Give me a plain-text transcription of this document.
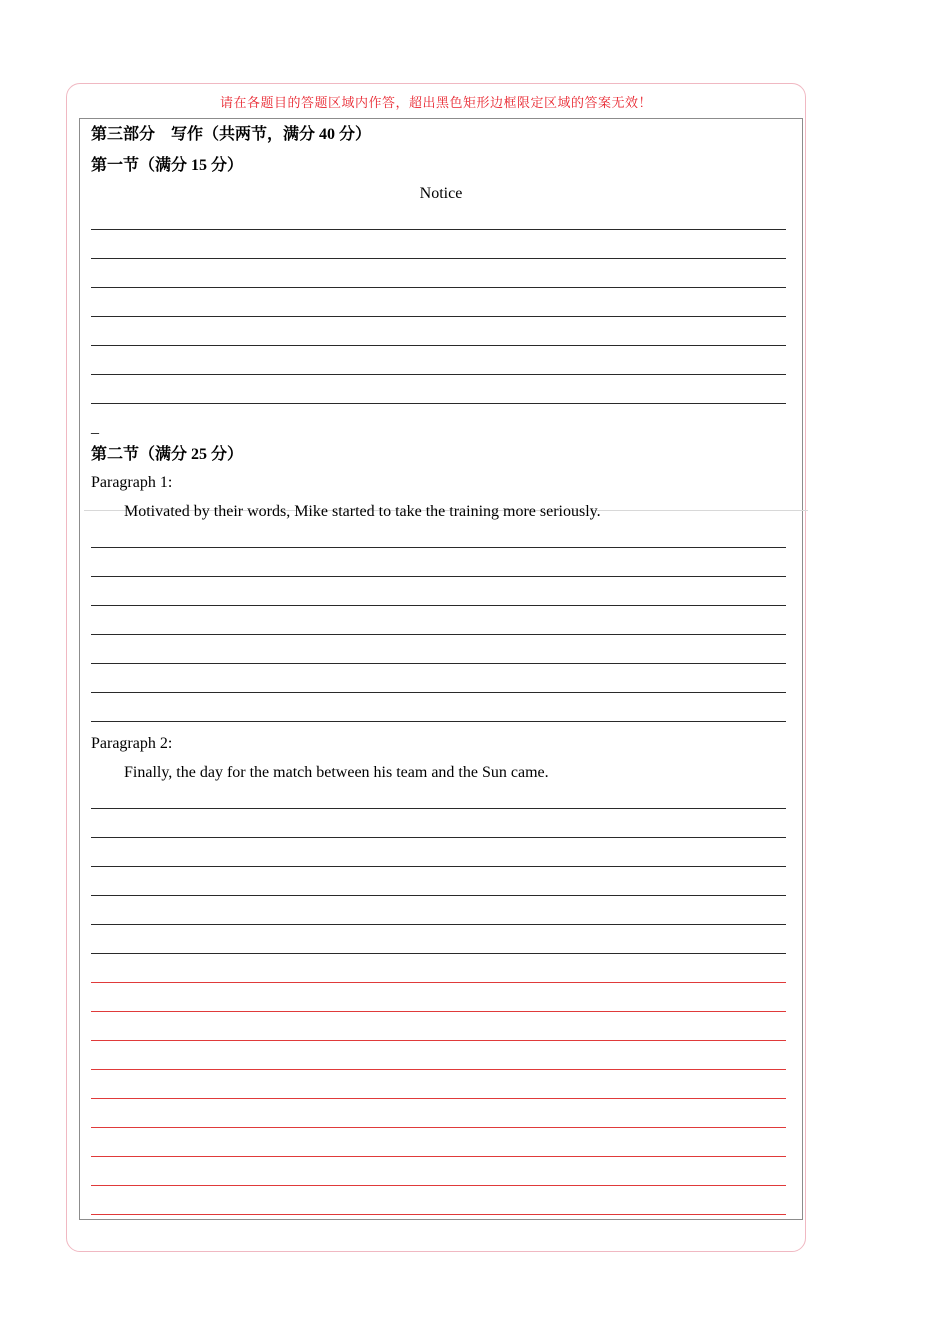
请在各题目的答题区域内作答，超出黑色矩形边框限定区域的答案无效！
第三部分　写作（共两节，满分 40 分）
第一节（满分 15 分）
Notice
_
第二节（满分 25 分）
Paragraph 1:
Motivated by their words, Mike started to take the training more seriously.
Paragraph 2:
Finally, the day for the match between his team and the Sun came.
